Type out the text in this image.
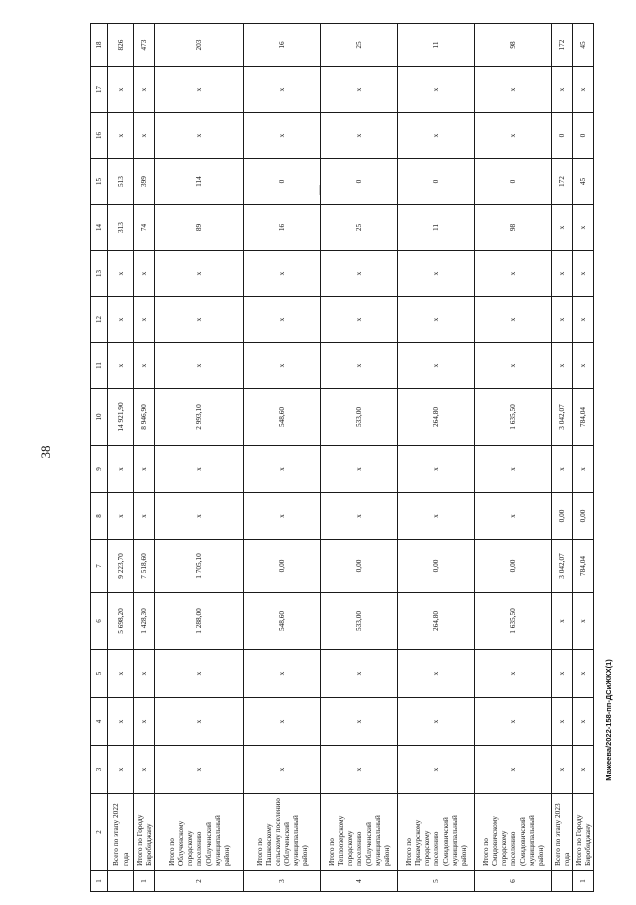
38
Мажеева/2022-158-пп-ДСиЖКХ(1)
1	2	3	4	5	6	7	8	9	10	11	12	13	14	15	16	17	18
	Всего по этапу 2022 года	x	x	x	5 698,20	9 223,70	x	x	14 921,90	x	x	x	313	513	x	x	826
1	Итого по Городу Биробиджану	x	x	x	1 428,30	7 518,60	x	x	8 946,90	x	x	x	74	399	x	x	473
2	Итого по Облученскому городскому поселению (Облученский муниципальный район)	x	x	x	1 288,00	1 705,10	x	x	2 993,10	x	x	x	89	114	x	x	203
3	Итого по Пашковскому сельскому поселению (Облученский муниципальный район)	x	x	x	548,60	0,00	x	x	548,60	x	x	x	16	0	x	x	16
4	Итого по Теплоозерскому городскому поселению (Облученский муниципальный район)	x	x	x	533,00	0,00	x	x	533,00	x	x	x	25	0	x	x	25
5	Итого по Приамурскому городскому поселению (Смидовичский муниципальный район)	x	x	x	264,80	0,00	x	x	264,80	x	x	x	11	0	x	x	11
6	Итого по Смидовичскому городскому поселению (Смидовичский муниципальный район)	x	x	x	1 635,50	0,00	x	x	1 635,50	x	x	x	98	0	x	x	98
	Всего по этапу 2023 года	x	x	x	x	3 042,07	0,00	x	3 042,07	x	x	x	x	172	0	x	172
1	Итого по Городу Биробиджану	x	x	x	x	784,04	0,00	x	784,04	x	x	x	x	45	0	x	45
